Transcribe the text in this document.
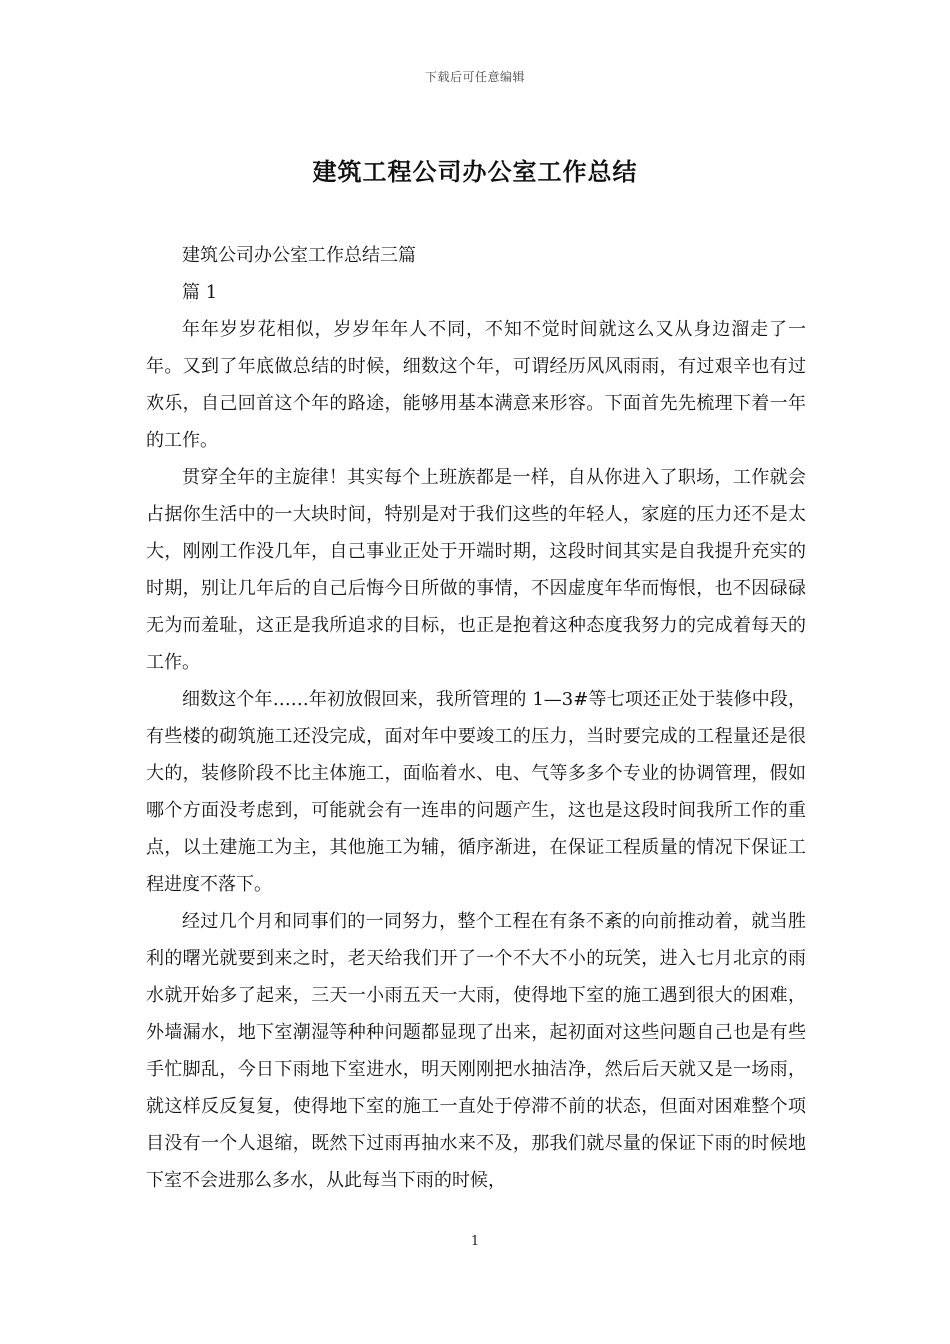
下载后可任意编辑
建筑工程公司办公室工作总结

建筑公司办公室工作总结三篇

篇 1

年年岁岁花相似，岁岁年年人不同，不知不觉时间就这么又从身边溜走了一年。又到了年底做总结的时候，细数这个年，可谓经历风风雨雨，有过艰辛也有过欢乐，自己回首这个年的路途，能够用基本满意来形容。下面首先先梳理下着一年的工作。

贯穿全年的主旋律！其实每个上班族都是一样，自从你进入了职场，工作就会占据你生活中的一大块时间，特别是对于我们这些的年轻人，家庭的压力还不是太大，刚刚工作没几年，自己事业正处于开端时期，这段时间其实是自我提升充实的时期，别让几年后的自己后悔今日所做的事情，不因虚度年华而悔恨，也不因碌碌无为而羞耻，这正是我所追求的目标，也正是抱着这种态度我努力的完成着每天的工作。

细数这个年……年初放假回来，我所管理的 1—3#等七项还正处于装修中段，有些楼的砌筑施工还没完成，面对年中要竣工的压力，当时要完成的工程量还是很大的，装修阶段不比主体施工，面临着水、电、气等多多个专业的协调管理，假如哪个方面没考虑到，可能就会有一连串的问题产生，这也是这段时间我所工作的重点，以土建施工为主，其他施工为辅，循序渐进，在保证工程质量的情况下保证工程进度不落下。

经过几个月和同事们的一同努力，整个工程在有条不紊的向前推动着，就当胜利的曙光就要到来之时，老天给我们开了一个不大不小的玩笑，进入七月北京的雨水就开始多了起来，三天一小雨五天一大雨，使得地下室的施工遇到很大的困难，外墙漏水，地下室潮湿等种种问题都显现了出来，起初面对这些问题自己也是有些手忙脚乱，今日下雨地下室进水，明天刚刚把水抽洁净，然后后天就又是一场雨，就这样反反复复，使得地下室的施工一直处于停滞不前的状态，但面对困难整个项目没有一个人退缩，既然下过雨再抽水来不及，那我们就尽量的保证下雨的时候地下室不会进那么多水，从此每当下雨的时候，

1
